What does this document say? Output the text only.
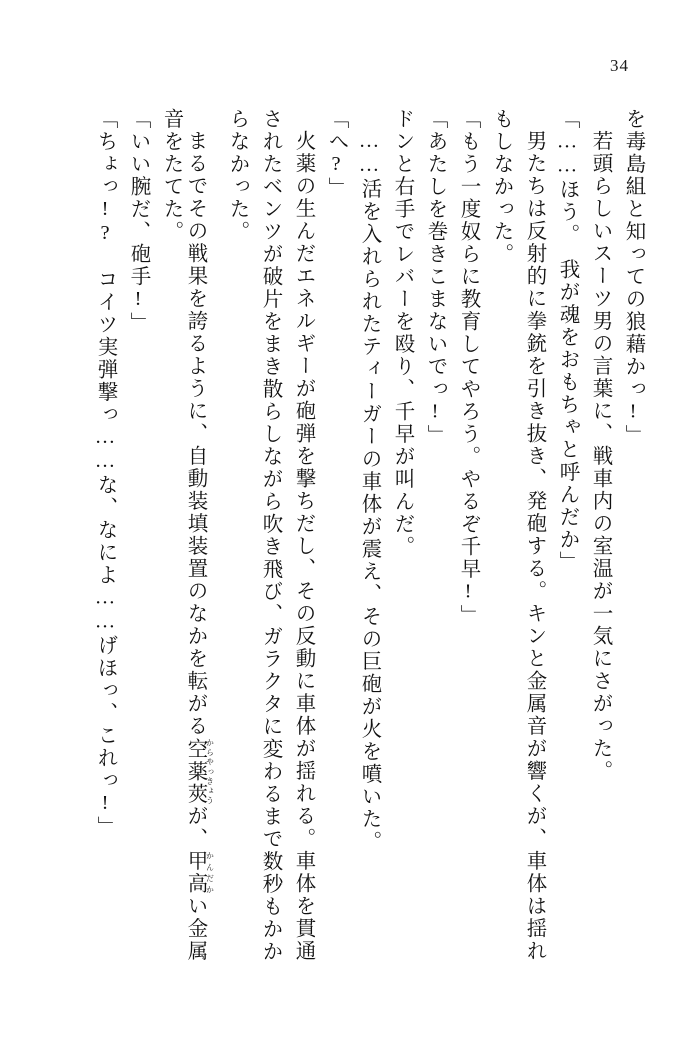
34
を毒島組と知っての狼藉かっ!」
若頭らしいスーツ男の言葉に、戦車内の室温が一気にさがった。
「……ほう。　我が魂をおもちゃと呼んだか」
男たちは反射的に拳銃を引き抜き、発砲する。キンと金属音が響くが、車体は揺れ
もしなかった。
「もう一度奴らに教育してやろう。やるぞ千早!」
「あたしを巻きこまないでっ!」
ドンと右手でレバーを殴り、千早が叫んだ。
……活を入れられたティーガーの車体が震え、その巨砲が火を噴いた。
「へ?」
火薬の生んだエネルギーが砲弾を撃ちだし、その反動に車体が揺れる。車体を貫通
されたベンツが破片をまき散らしながら吹き飛び、ガラクタに変わるまで数秒もかか
らなかった。
まるでその戦果を誇るように、自動装填装置のなかを転がる空薬莢 からやっきょうが、甲高 かんだかい金属
音をたてた。
「いい腕だ、砲手!」
「ちょっ!?　コイツ実弾撃っ……な、なによ……げほっ、これっ!」
